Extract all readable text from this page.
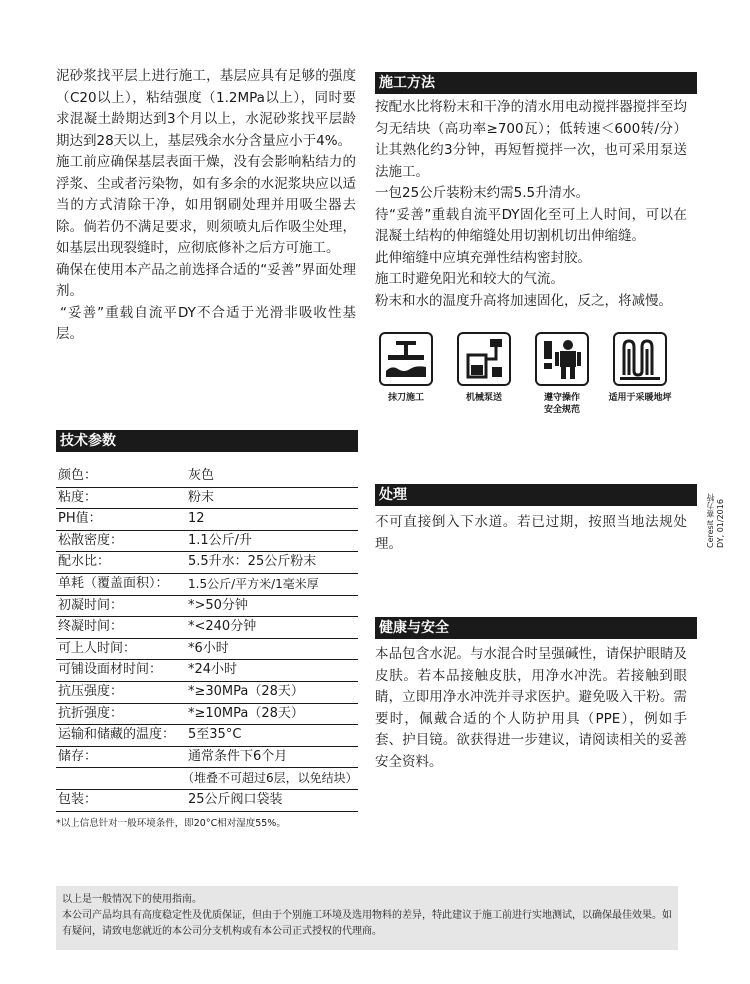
泥砂浆找平层上进行施工，基层应具有足够的强度（C20以上），粘结强度（1.2MPa以上），同时要求混凝土龄期达到3个月以上，水泥砂浆找平层龄期达到28天以上，基层残余水分含量应小于4%。

施工前应确保基层表面干燥，没有会影响粘结力的浮浆、尘或者污染物，如有多余的水泥浆块应以适当的方式清除干净，如用钢刷处理并用吸尘器去除。倘若仍不满足要求，则须喷丸后作吸尘处理，如基层出现裂缝时，应彻底修补之后方可施工。

确保在使用本产品之前选择合适的“妥善”界面处理剂。

“妥善”重载自流平DY不合适于光滑非吸收性基层。

施工方法

按配水比将粉末和干净的清水用电动搅拌器搅拌至均匀无结块（高功率≥700瓦）；低转速＜600转/分）让其熟化约3分钟，再短暂搅拌一次，也可采用泵送法施工。

一包25公斤装粉末约需5.5升清水。

待“妥善”重载自流平DY固化至可上人时间，可以在混凝土结构的伸缩缝处用切割机切出伸缩缝。

此伸缩缝中应填充弹性结构密封胶。

施工时避免阳光和较大的气流。

粉末和水的温度升高将加速固化，反之，将减慢。

抹刀施工	机械泵送	遵守操作
安全规范
适用于采暖地坪
技术参数
颜色：	灰色
粘度：	粉末
PH值：	12
松散密度：	1.1公斤/升
配水比：	5.5升水：25公斤粉末
单耗（覆盖面积）：	1.5公斤/平方米/1毫米厚
初凝时间：	*>50分钟
终凝时间：	*<240分钟
可上人时间：	*6小时
可铺设面材时间：	*24小时
抗压强度：	*≥30MPa（28天）
抗折强度：	*≥10MPa（28天）
运输和储藏的温度： 5至35°C
储存：	通常条件下6个月
（堆叠不可超过6层，以免结块）
包装：	25公斤阀口袋装
*以上信息针对一般环境条件，即20°C相对湿度55%。
处理

不可直接倒入下水道。若已过期，按照当地法规处理。

健康与安全

本品包含水泥。与水混合时呈强碱性，请保护眼睛及皮肤。若本品接触皮肤，用净水冲洗。若接触到眼睛，立即用净水冲洗并寻求医护。避免吸入干粉。需要时，佩戴合适的个人防护用具（PPE），例如手套、护目镜。欲获得进一步建议，请阅读相关的妥善安全资料。

Ceresit 赛力特
DY, 01/2016

以上是一般情况下的使用指南。

本公司产品均具有高度稳定性及优质保证，但由于个别施工环境及选用物料的差异，特此建议于施工前进行实地测试，以确保最佳效果。如有疑问，请致电您就近的本公司分支机构或有本公司正式授权的代理商。
